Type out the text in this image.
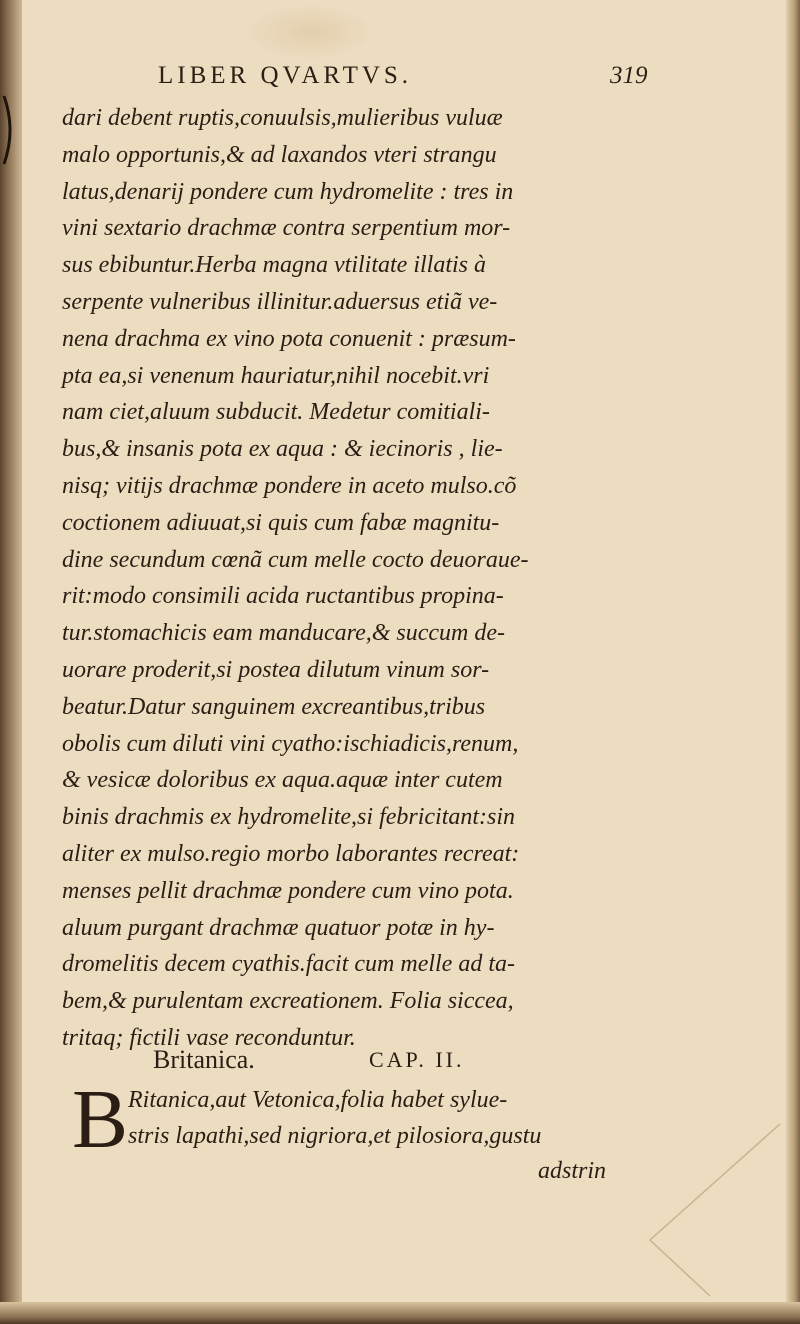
LIBER QVARTVS.	319
dari debent ruptis,conuulsis,mulieribus vuluæ
malo opportunis,& ad laxandos vteri strangu
latus,denarij pondere cum hydromelite : tres in
vini sextario drachmæ contra serpentium mor-
sus ebibuntur.Herba magna vtilitate illatis à
serpente vulneribus illinitur.aduersus etiã ve-
nena drachma ex vino pota conuenit : præsum-
pta ea,si venenum hauriatur,nihil nocebit.vri
nam ciet,aluum subducit. Medetur comitiali-
bus,& insanis pota ex aqua : & iecinoris , lie-
nisq; vitijs drachmæ pondere in aceto mulso.cõ
coctionem adiuuat,si quis cum fabæ magnitu-
dine secundum cœnã cum melle cocto deuoraue-
rit:modo consimili acida ructantibus propina-
tur.stomachicis eam manducare,& succum de-
uorare proderit,si postea dilutum vinum sor-
beatur.Datur sanguinem excreantibus,tribus
obolis cum diluti vini cyatho:ischiadicis,renum,
& vesicæ doloribus ex aqua.aquæ inter cutem
binis drachmis ex hydromelite,si febricitant:sin
aliter ex mulso.regio morbo laborantes recreat:
menses pellit drachmæ pondere cum vino pota.
aluum purgant drachmæ quatuor potæ in hy-
dromelitis decem cyathis.facit cum melle ad ta-
bem,& purulentam excreationem. Folia siccea,
tritaq; fictili vase reconduntur.
Britanica.	CAP. II.
B Ritanica,aut Vetonica,folia habet sylue-
stris lapathi,sed nigriora,et pilosiora,gustu
adstrin
